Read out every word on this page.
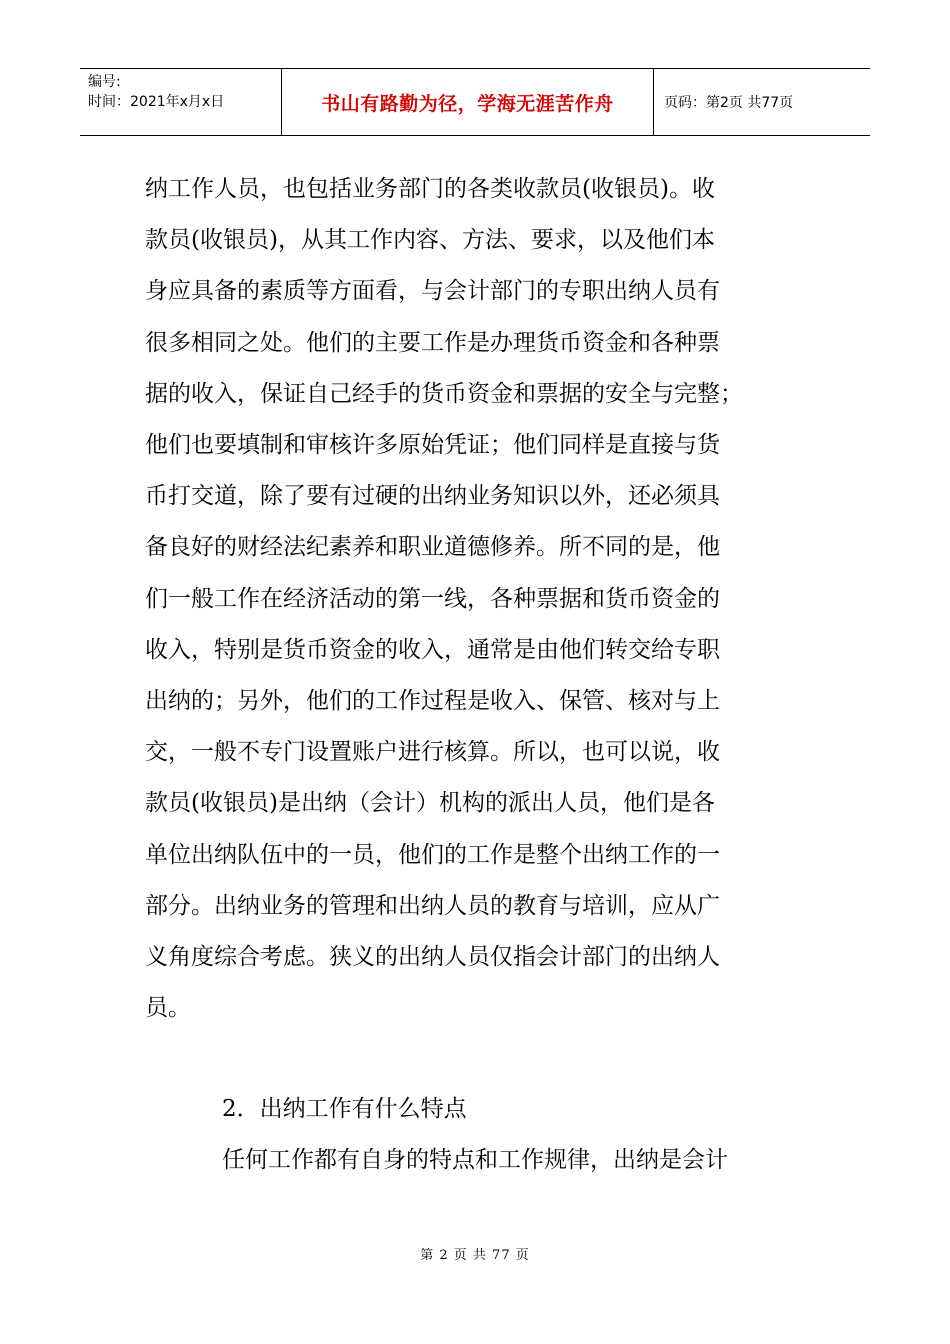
编号:
时间：2021年x月x日	书山有路勤为径，学海无涯苦作舟	页码：第2页 共77页
纳工作人员，也包括业务部门的各类收款员(收银员)。收
款员(收银员)，从其工作内容、方法、要求，以及他们本
身应具备的素质等方面看，与会计部门的专职出纳人员有
很多相同之处。他们的主要工作是办理货币资金和各种票
据的收入，保证自己经手的货币资金和票据的安全与完整；
他们也要填制和审核许多原始凭证；他们同样是直接与货
币打交道，除了要有过硬的出纳业务知识以外，还必须具
备良好的财经法纪素养和职业道德修养。所不同的是，他
们一般工作在经济活动的第一线，各种票据和货币资金的
收入，特别是货币资金的收入，通常是由他们转交给专职
出纳的；另外，他们的工作过程是收入、保管、核对与上
交，一般不专门设置账户进行核算。所以，也可以说，收
款员(收银员)是出纳（会计）机构的派出人员，他们是各
单位出纳队伍中的一员，他们的工作是整个出纳工作的一
部分。出纳业务的管理和出纳人员的教育与培训，应从广
义角度综合考虑。狭义的出纳人员仅指会计部门的出纳人
员。
2．出纳工作有什么特点
任何工作都有自身的特点和工作规律，出纳是会计
第 2 页 共 77 页
